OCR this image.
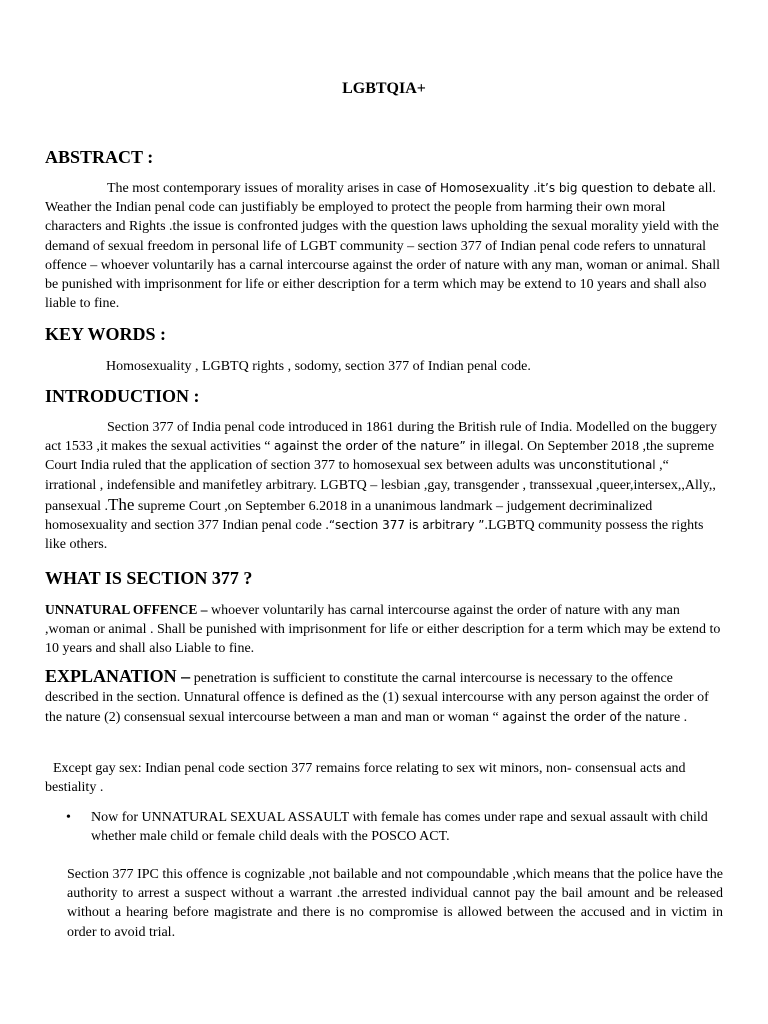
LGBTQIA+
ABSTRACT :

The most contemporary issues of morality arises in case of Homosexuality .it’s big question to debate all. Weather the Indian penal code can justifiably be employed to protect the people from harming their own moral characters and Rights .the issue is confronted judges with the question laws upholding the sexual morality yield with the demand of sexual freedom in personal life of LGBT community – section 377 of Indian penal code refers to unnatural offence – whoever voluntarily has a carnal intercourse against the order of nature with any man, woman or animal. Shall be punished with imprisonment for life or either description for a term which may be extend to 10 years and shall also liable to fine.

KEY WORDS :

Homosexuality , LGBTQ rights , sodomy, section 377 of Indian penal code.

INTRODUCTION :

Section 377 of India penal code introduced in 1861 during the British rule of India. Modelled on the buggery act 1533 ,it makes the sexual activities “ against the order of the nature” in illegal. On September 2018 ,the supreme Court India ruled that the application of section 377 to homosexual sex between adults was unconstitutional ,“ irrational , indefensible and manifetley arbitrary. LGBTQ – lesbian ,gay, transgender , transsexual ,queer,intersex,,Ally,, pansexual .The supreme Court ,on September 6.2018 in a unanimous landmark – judgement decriminalized homosexuality and section 377 Indian penal code .“section 377 is arbitrary ”.LGBTQ community possess the rights like others.

WHAT IS SECTION 377 ?

UNNATURAL OFFENCE – whoever voluntarily has carnal intercourse against the order of nature with any man ,woman or animal . Shall be punished with imprisonment for life or either description for a term which may be extend to 10 years and shall also Liable to fine.

EXPLANATION – penetration is sufficient to constitute the carnal intercourse is necessary to the offence described in the section. Unnatural offence is defined as the (1) sexual intercourse with any person against the order of the nature (2) consensual sexual intercourse between a man and man or woman “ against the order of the nature .

Except gay sex: Indian penal code section 377 remains force relating to sex wit minors, non- consensual acts and bestiality .

• Now for UNNATURAL SEXUAL ASSAULT with female has comes under rape and sexual assault with child whether male child or female child deals with the POSCO ACT.

Section 377 IPC this offence is cognizable ,not bailable and not compoundable ,which means that the police have the authority to arrest a suspect without a warrant .the arrested individual cannot pay the bail amount and be released without a hearing before magistrate and there is no compromise is allowed between the accused and in victim in order to avoid trial.
